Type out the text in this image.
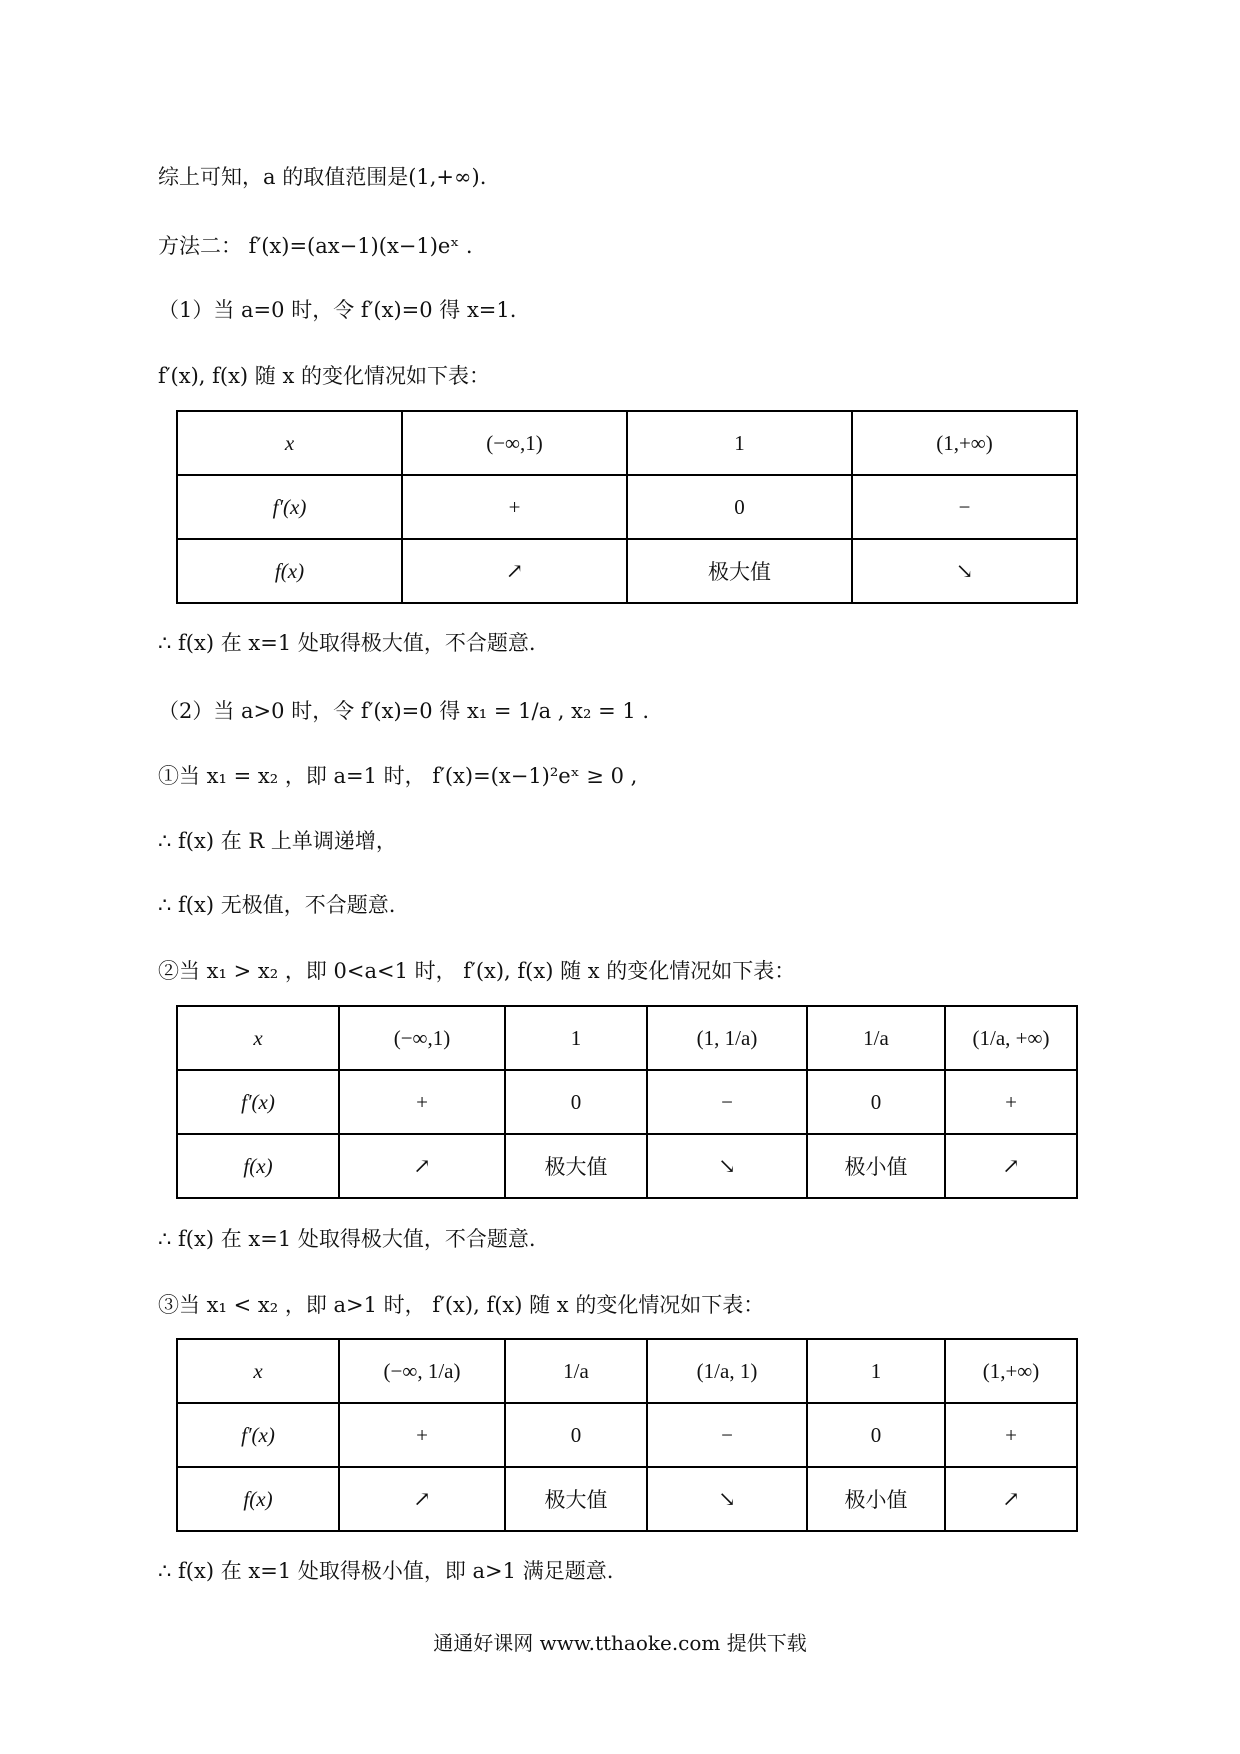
综上可知，a 的取值范围是(1,+∞).
方法二： f′(x)=(ax−1)(x−1)eˣ .
（1）当 a=0 时，令 f′(x)=0 得 x=1.
f′(x), f(x) 随 x 的变化情况如下表：
x	(−∞,1)	1	(1,+∞)
f′(x)	+	0	−
f(x)	↗	极大值	↘
∴ f(x) 在 x=1 处取得极大值，不合题意.
（2）当 a>0 时，令 f′(x)=0 得 x₁ = 1/a , x₂ = 1 .
①当 x₁ = x₂ ，即 a=1 时， f′(x)=(x−1)²eˣ ≥ 0 ,
∴ f(x) 在 R 上单调递增，
∴ f(x) 无极值，不合题意.
②当 x₁ > x₂ ，即 0<a<1 时， f′(x), f(x) 随 x 的变化情况如下表：
x	(−∞,1)	1	(1, 1/a)	1/a	(1/a, +∞)
f′(x)	+	0	−	0	+
f(x)	↗	极大值	↘	极小值	↗
∴ f(x) 在 x=1 处取得极大值，不合题意.
③当 x₁ < x₂ ，即 a>1 时， f′(x), f(x) 随 x 的变化情况如下表：
x	(−∞, 1/a)	1/a	(1/a, 1)	1	(1,+∞)
f′(x)	+	0	−	0	+
f(x)	↗	极大值	↘	极小值	↗
∴ f(x) 在 x=1 处取得极小值，即 a>1 满足题意.
通通好课网 www.tthaoke.com 提供下载
